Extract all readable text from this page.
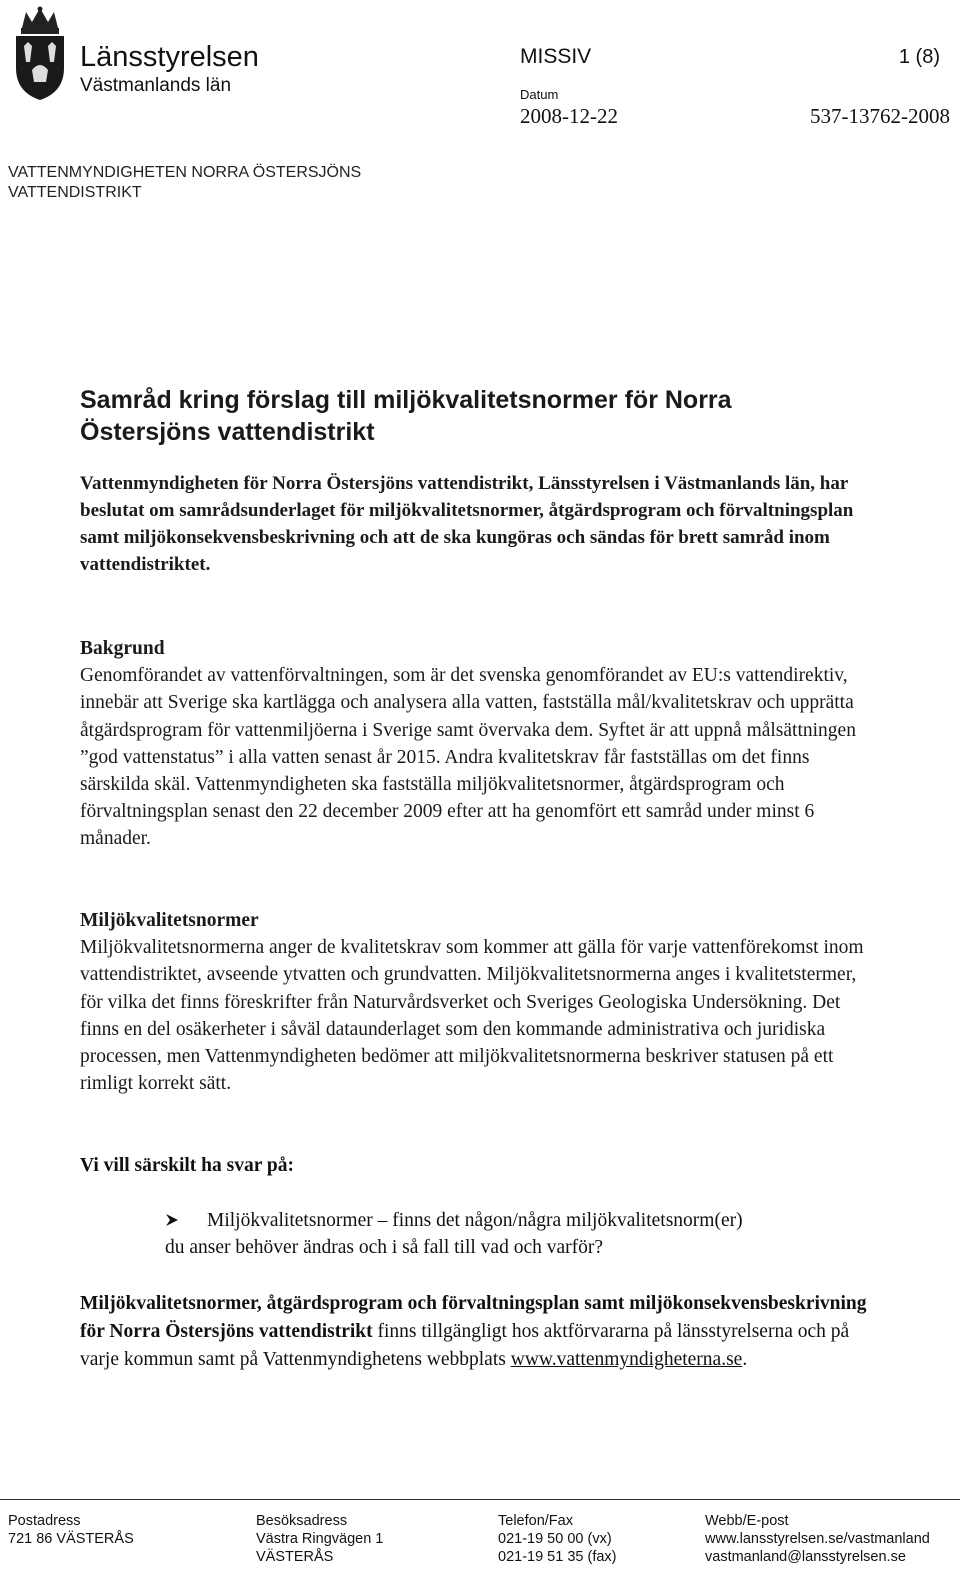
Länsstyrelsen
Västmanlands län
MISSIV	1 (8)
Datum
2008-12-22	537-13762-2008
VATTENMYNDIGHETEN NORRA ÖSTERSJÖNS
VATTENDISTRIKT
Samråd kring förslag till miljökvalitetsnormer för Norra
Östersjöns vattendistrikt
Vattenmyndigheten för Norra Östersjöns vattendistrikt, Länsstyrelsen i Västmanlands län, har beslutat om samrådsunderlaget för miljökvalitetsnormer, åtgärdsprogram och förvaltningsplan samt miljökonsekvensbeskrivning och att de ska kungöras och sändas för brett samråd inom vattendistriktet.
Bakgrund
Genomförandet av vattenförvaltningen, som är det svenska genomförandet av EU:s vattendirektiv, innebär att Sverige ska kartlägga och analysera alla vatten, fastställa mål/kvalitetskrav och upprätta åtgärdsprogram för vattenmiljöerna i Sverige samt övervaka dem. Syftet är att uppnå målsättningen ”god vattenstatus” i alla vatten senast år 2015. Andra kvalitetskrav får fastställas om det finns särskilda skäl. Vattenmyndigheten ska fastställa miljökvalitetsnormer, åtgärdsprogram och förvaltningsplan senast den 22 december 2009 efter att ha genomfört ett samråd under minst 6 månader.
Miljökvalitetsnormer
Miljökvalitetsnormerna anger de kvalitetskrav som kommer att gälla för varje vattenförekomst inom vattendistriktet, avseende ytvatten och grundvatten. Miljökvalitetsnormerna anges i kvalitetstermer, för vilka det finns föreskrifter från Naturvårdsverket och Sveriges Geologiska Undersökning. Det finns en del osäkerheter i såväl dataunderlaget som den kommande administrativa och juridiska processen, men Vattenmyndigheten bedömer att miljökvalitetsnormerna beskriver statusen på ett rimligt korrekt sätt.
Vi vill särskilt ha svar på:
Miljökvalitetsnormer – finns det någon/några miljökvalitetsnorm(er)
du anser behöver ändras och i så fall till vad och varför?
Miljökvalitetsnormer, åtgärdsprogram och förvaltningsplan samt miljökonsekvensbeskrivning för Norra Östersjöns vattendistrikt finns tillgängligt hos aktförvararna på länsstyrelserna och på varje kommun samt på Vattenmyndighetens webbplats www.vattenmyndigheterna.se.
Postadress
721 86 VÄSTERÅS
Besöksadress
Västra Ringvägen 1
VÄSTERÅS
Telefon/Fax
021-19 50 00 (vx)
021-19 51 35 (fax)
Webb/E-post
www.lansstyrelsen.se/vastmanland
vastmanland@lansstyrelsen.se
